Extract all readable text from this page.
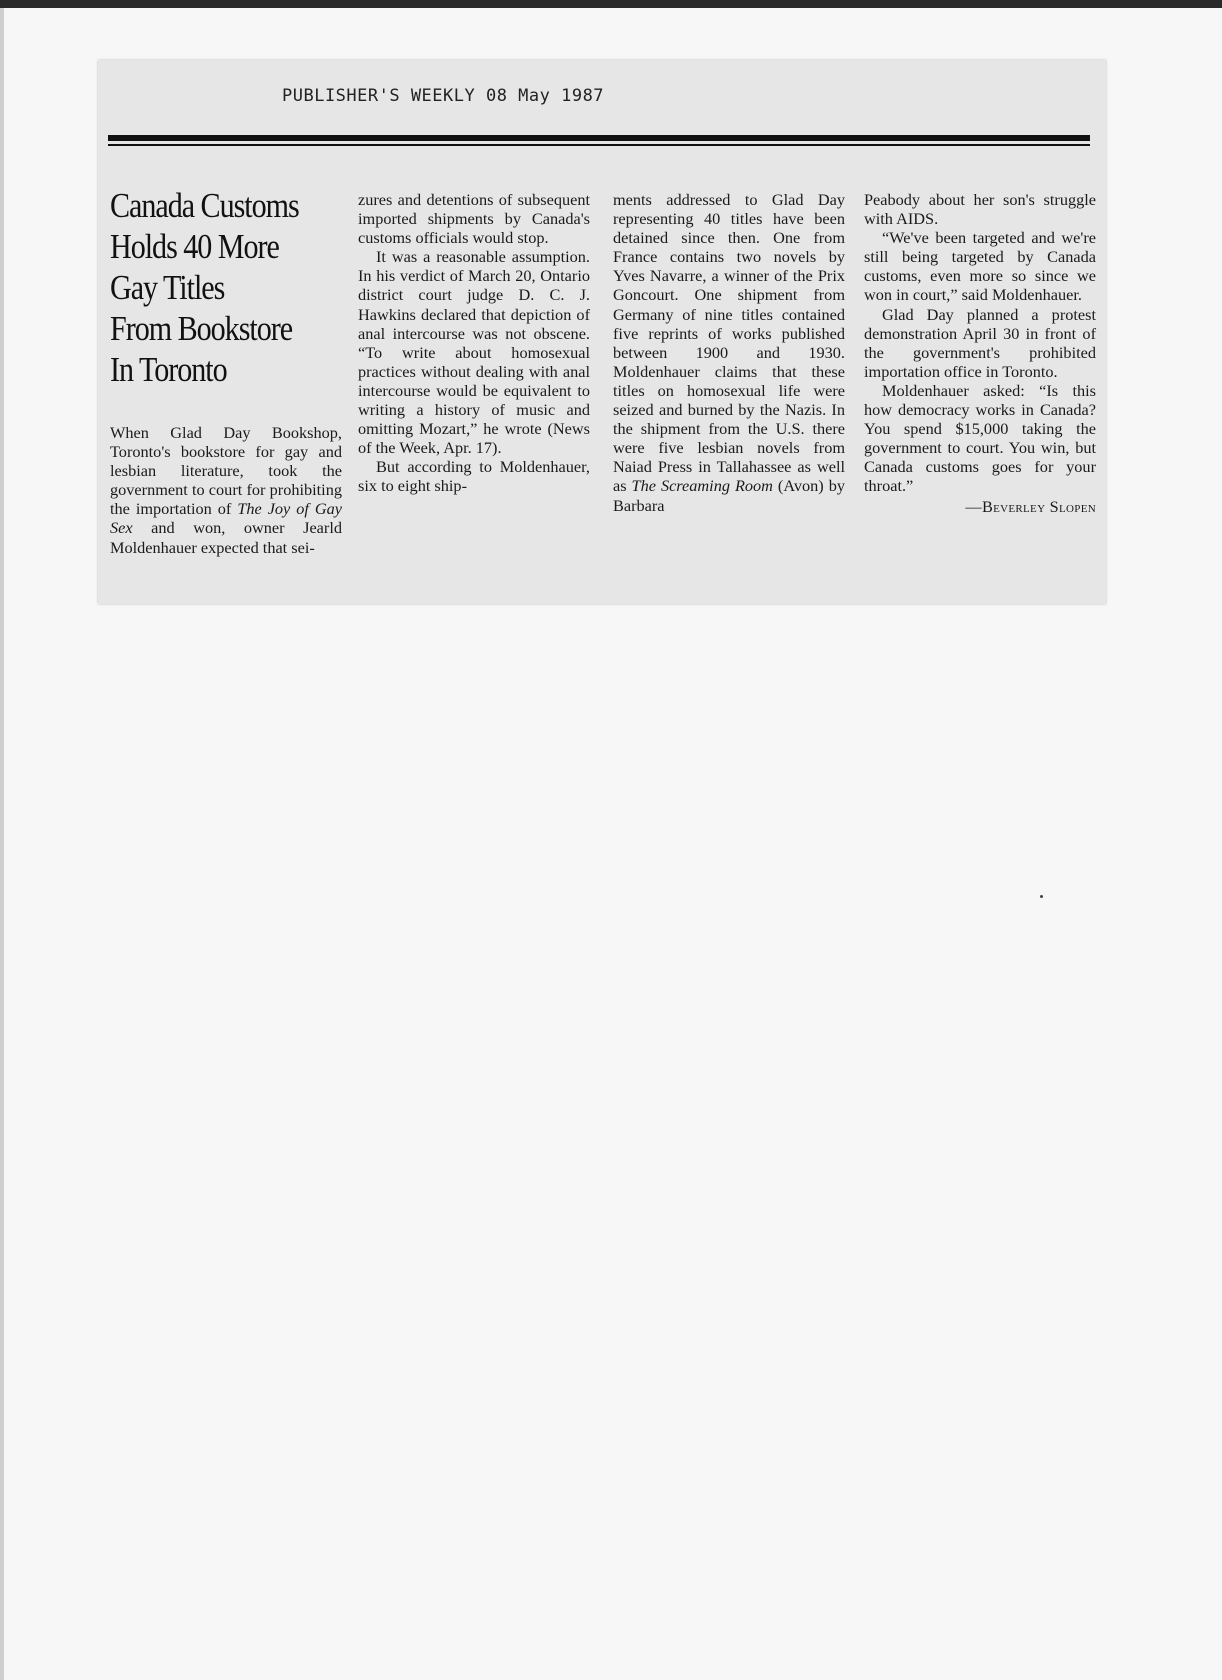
PUBLISHER'S WEEKLY 08 May 1987
Canada Customs
Holds 40 More
Gay Titles
From Bookstore
In Toronto

When Glad Day Bookshop, Toronto's bookstore for gay and lesbian literature, took the government to court for prohibiting the importation of The Joy of Gay Sex and won, owner Jearld Moldenhauer expected that sei-

zures and detentions of subsequent imported shipments by Canada's customs officials would stop.

It was a reasonable assumption. In his verdict of March 20, Ontario district court judge D. C. J. Hawkins declared that depiction of anal intercourse was not obscene. “To write about homosexual practices without dealing with anal intercourse would be equivalent to writing a history of music and omitting Mozart,” he wrote (News of the Week, Apr. 17).

But according to Moldenhauer, six to eight ship-

ments addressed to Glad Day representing 40 titles have been detained since then. One from France contains two novels by Yves Navarre, a winner of the Prix Goncourt. One shipment from Germany of nine titles contained five reprints of works published between 1900 and 1930. Moldenhauer claims that these titles on homosexual life were seized and burned by the Nazis. In the shipment from the U.S. there were five lesbian novels from Naiad Press in Tallahassee as well as The Screaming Room (Avon) by Barbara

Peabody about her son's struggle with AIDS.

“We've been targeted and we're still being targeted by Canada customs, even more so since we won in court,” said Moldenhauer.

Glad Day planned a protest demonstration April 30 in front of the government's prohibited importation office in Toronto.

Moldenhauer asked: “Is this how democracy works in Canada? You spend $15,000 taking the government to court. You win, but Canada customs goes for your throat.”

—Beverley Slopen
